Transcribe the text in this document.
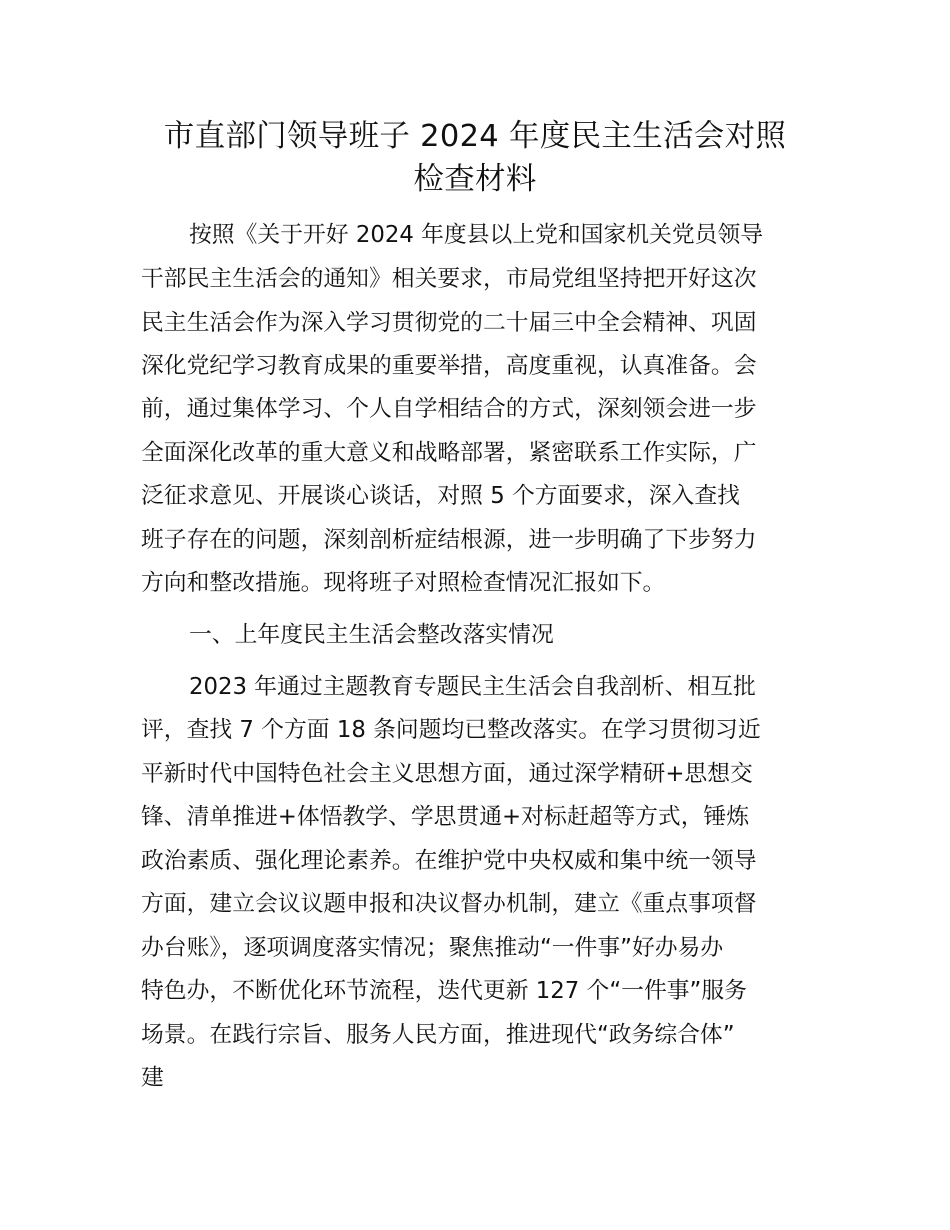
市直部门领导班子 2024 年度民主生活会对照
检查材料
按照《关于开好 2024 年度县以上党和国家机关党员领导
干部民主生活会的通知》相关要求，市局党组坚持把开好这次
民主生活会作为深入学习贯彻党的二十届三中全会精神、巩固
深化党纪学习教育成果的重要举措，高度重视，认真准备。会
前，通过集体学习、个人自学相结合的方式，深刻领会进一步
全面深化改革的重大意义和战略部署，紧密联系工作实际，广
泛征求意见、开展谈心谈话，对照 5 个方面要求，深入查找
班子存在的问题，深刻剖析症结根源，进一步明确了下步努力
方向和整改措施。现将班子对照检查情况汇报如下。
一、上年度民主生活会整改落实情况
2023 年通过主题教育专题民主生活会自我剖析、相互批
评，查找 7 个方面 18 条问题均已整改落实。在学习贯彻习近
平新时代中国特色社会主义思想方面，通过深学精研+思想交
锋、清单推进+体悟教学、学思贯通+对标赶超等方式，锤炼
政治素质、强化理论素养。在维护党中央权威和集中统一领导
方面，建立会议议题申报和决议督办机制，建立《重点事项督
办台账》，逐项调度落实情况；聚焦推动“一件事”好办易办
特色办，不断优化环节流程，迭代更新 127 个“一件事”服务
场景。在践行宗旨、服务人民方面，推进现代“政务综合体”
建
